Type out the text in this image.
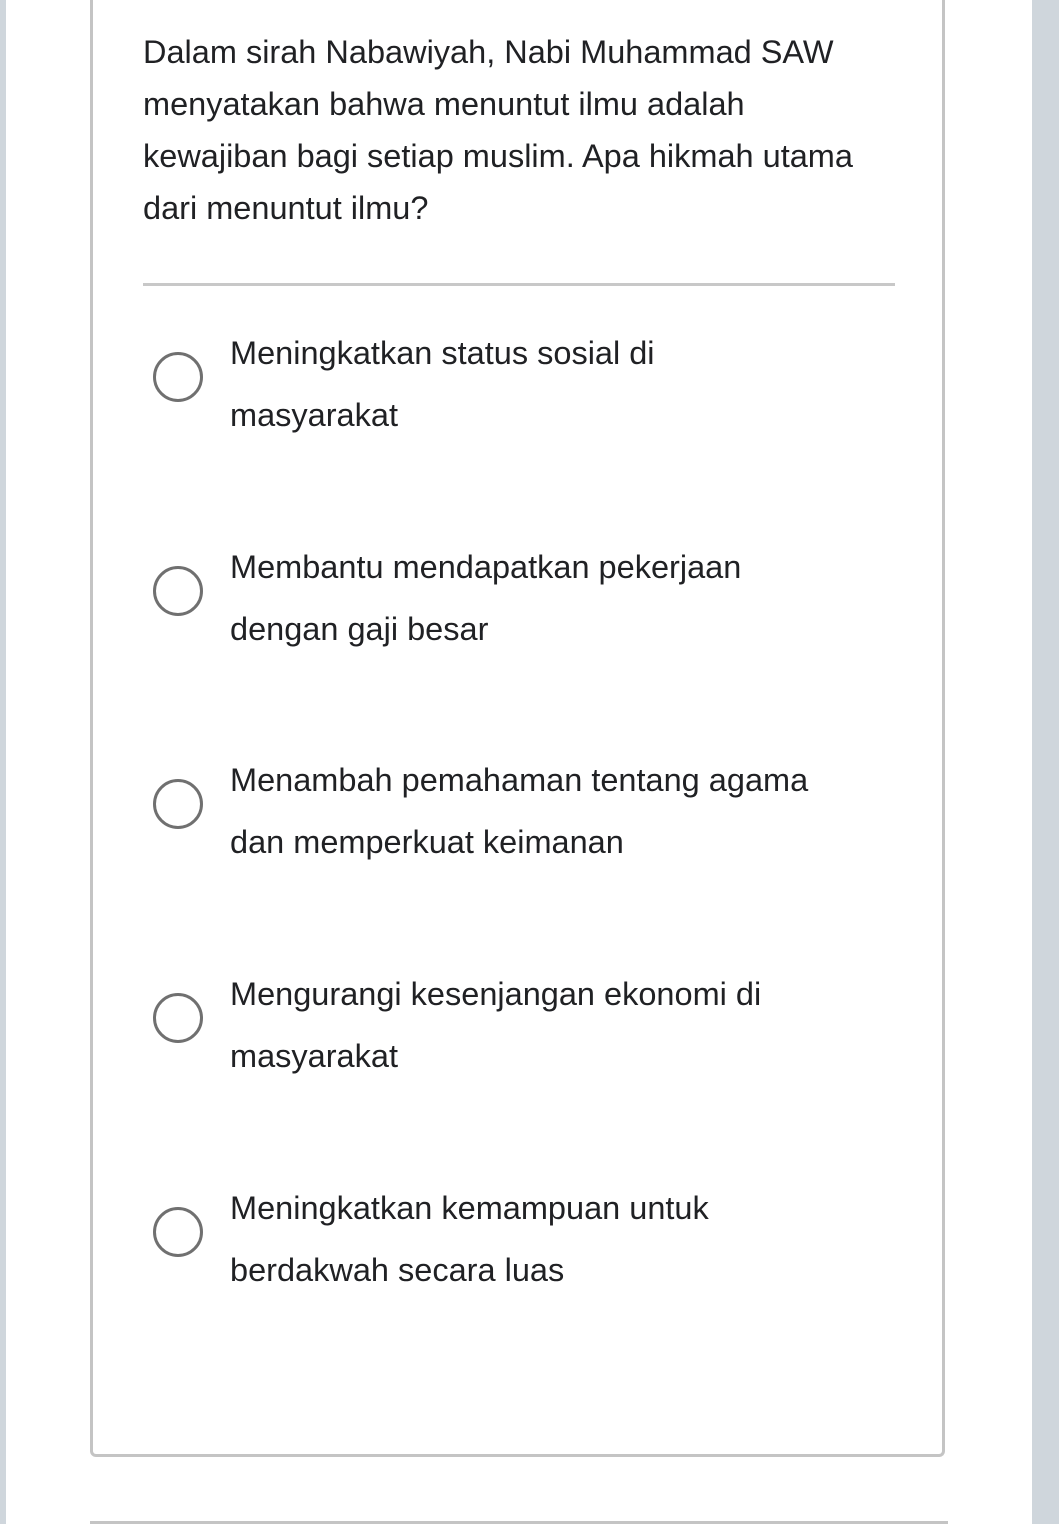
Dalam sirah Nabawiyah, Nabi Muhammad SAW menyatakan bahwa menuntut ilmu adalah kewajiban bagi setiap muslim. Apa hikmah utama dari menuntut ilmu?

Meningkatkan status sosial di masyarakat
Membantu mendapatkan pekerjaan dengan gaji besar
Menambah pemahaman tentang agama dan memperkuat keimanan
Mengurangi kesenjangan ekonomi di masyarakat
Meningkatkan kemampuan untuk berdakwah secara luas
